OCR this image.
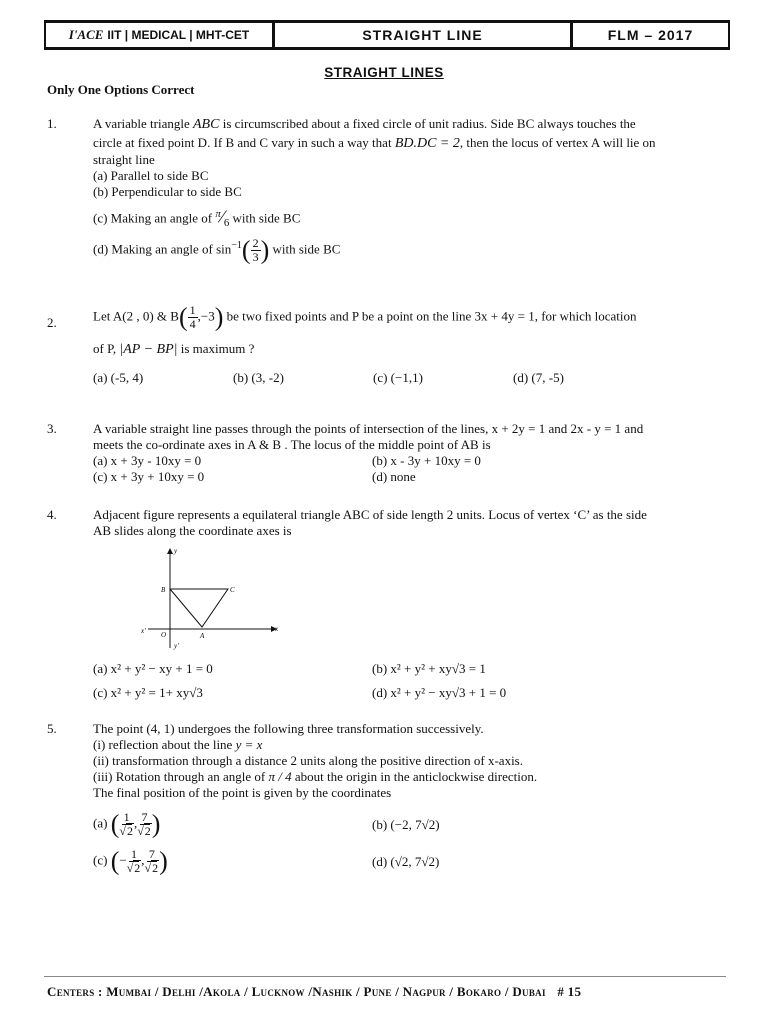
I'ACE IIT | MEDICAL | MHT-CET	STRAIGHT LINE	FLM – 2017
STRAIGHT LINES
Only One Options Correct
1.	A variable triangle ABC is circumscribed about a fixed circle of unit radius. Side BC always touches the
circle at fixed point D. If B and C vary in such a way that BD.DC = 2, then the locus of vertex A will lie on
straight line
(a) Parallel to side BC
(b) Perpendicular to side BC
(c) Making an angle of $^\pi⁄_6$ with side BC
(d) Making an angle of $\sin^{-1}( \frac{2}{3}$ ) with side BC
2.	Let A(2 , 0) & $B( \frac{1}{4} ,-3)$ be two fixed points and P be a point on the line 3x + 4y = 1, for which location
of P, |AP − BP| is maximum ?
(a) (-5, 4)	(b) (3, -2)	(c) (−1,1)	(d) (7, -5)
3.	A variable straight line passes through the points of intersection of the lines, x + 2y = 1 and 2x - y = 1 and
meets the co-ordinate axes in A & B . The locus of the middle point of AB is
(a) x + 3y - 10xy = 0	(b) x - 3y + 10xy = 0
(c) x + 3y + 10xy = 0	(d) none
4.	Adjacent figure represents a equilateral triangle ABC of side length 2 units. Locus of vertex ‘C’ as the side
AB slides along the coordinate axes is
y
y'
x
x'
B	C
O	A
(a) x² + y² − xy + 1 = 0	(b) x² + y² + xy√3 = 1
(c) x² + y² = 1+ xy√3	(d) x² + y² − xy√3 + 1 = 0
5.	The point (4, 1) undergoes the following three transformation successively.
(i) reflection about the line y = x
(ii) transformation through a distance 2 units along the positive direction of x-axis.
(iii) Rotation through an angle of π / 4 about the origin in the anticlockwise direction.
The final position of the point is given by the coordinates
(a) ( $\frac{1}{√2}$ , $\frac{7}{√2}$ )	(b) (−2, 7√2)
(c) (− $\frac{1}{√2}$ , $\frac{7}{√2}$ )	(d) (√2, 7√2)
Centers : Mumbai / Delhi /Akola / Lucknow /Nashik / Pune / Nagpur / Bokaro / Dubai # 15
